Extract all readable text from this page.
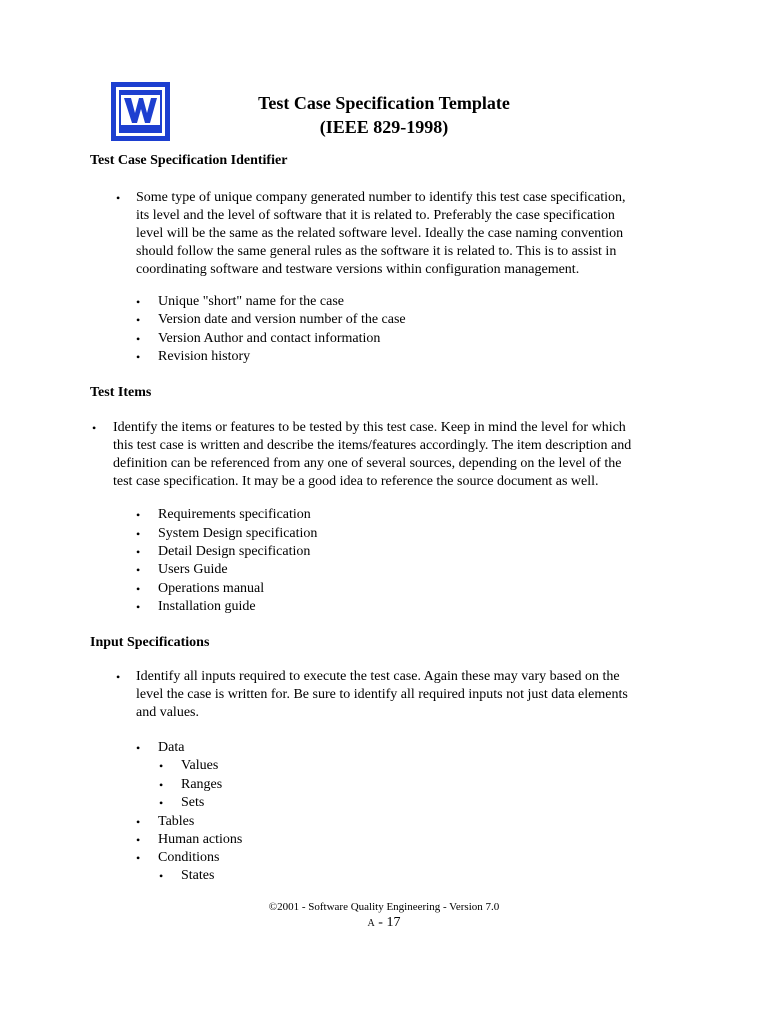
Test Case Specification Template
(IEEE 829-1998)
Test Case Specification Identifier
• Some type of unique company generated number to identify this test case specification,
its level and the level of software that it is related to. Preferably the case specification
level will be the same as the related software level. Ideally the case naming convention
should follow the same general rules as the software it is related to. This is to assist in
coordinating software and testware versions within configuration management.
• Unique "short" name for the case
• Version date and version number of the case
• Version Author and contact information
• Revision history
Test Items
• Identify the items or features to be tested by this test case. Keep in mind the level for which
this test case is written and describe the items/features accordingly. The item description and
definition can be referenced from any one of several sources, depending on the level of the
test case specification. It may be a good idea to reference the source document as well.
• Requirements specification
• System Design specification
• Detail Design specification
• Users Guide
• Operations manual
• Installation guide
Input Specifications
• Identify all inputs required to execute the test case. Again these may vary based on the
level the case is written for. Be sure to identify all required inputs not just data elements
and values.
• Data
• Values
• Ranges
• Sets
• Tables
• Human actions
• Conditions
• States
©2001 - Software Quality Engineering - Version 7.0
A - 17
